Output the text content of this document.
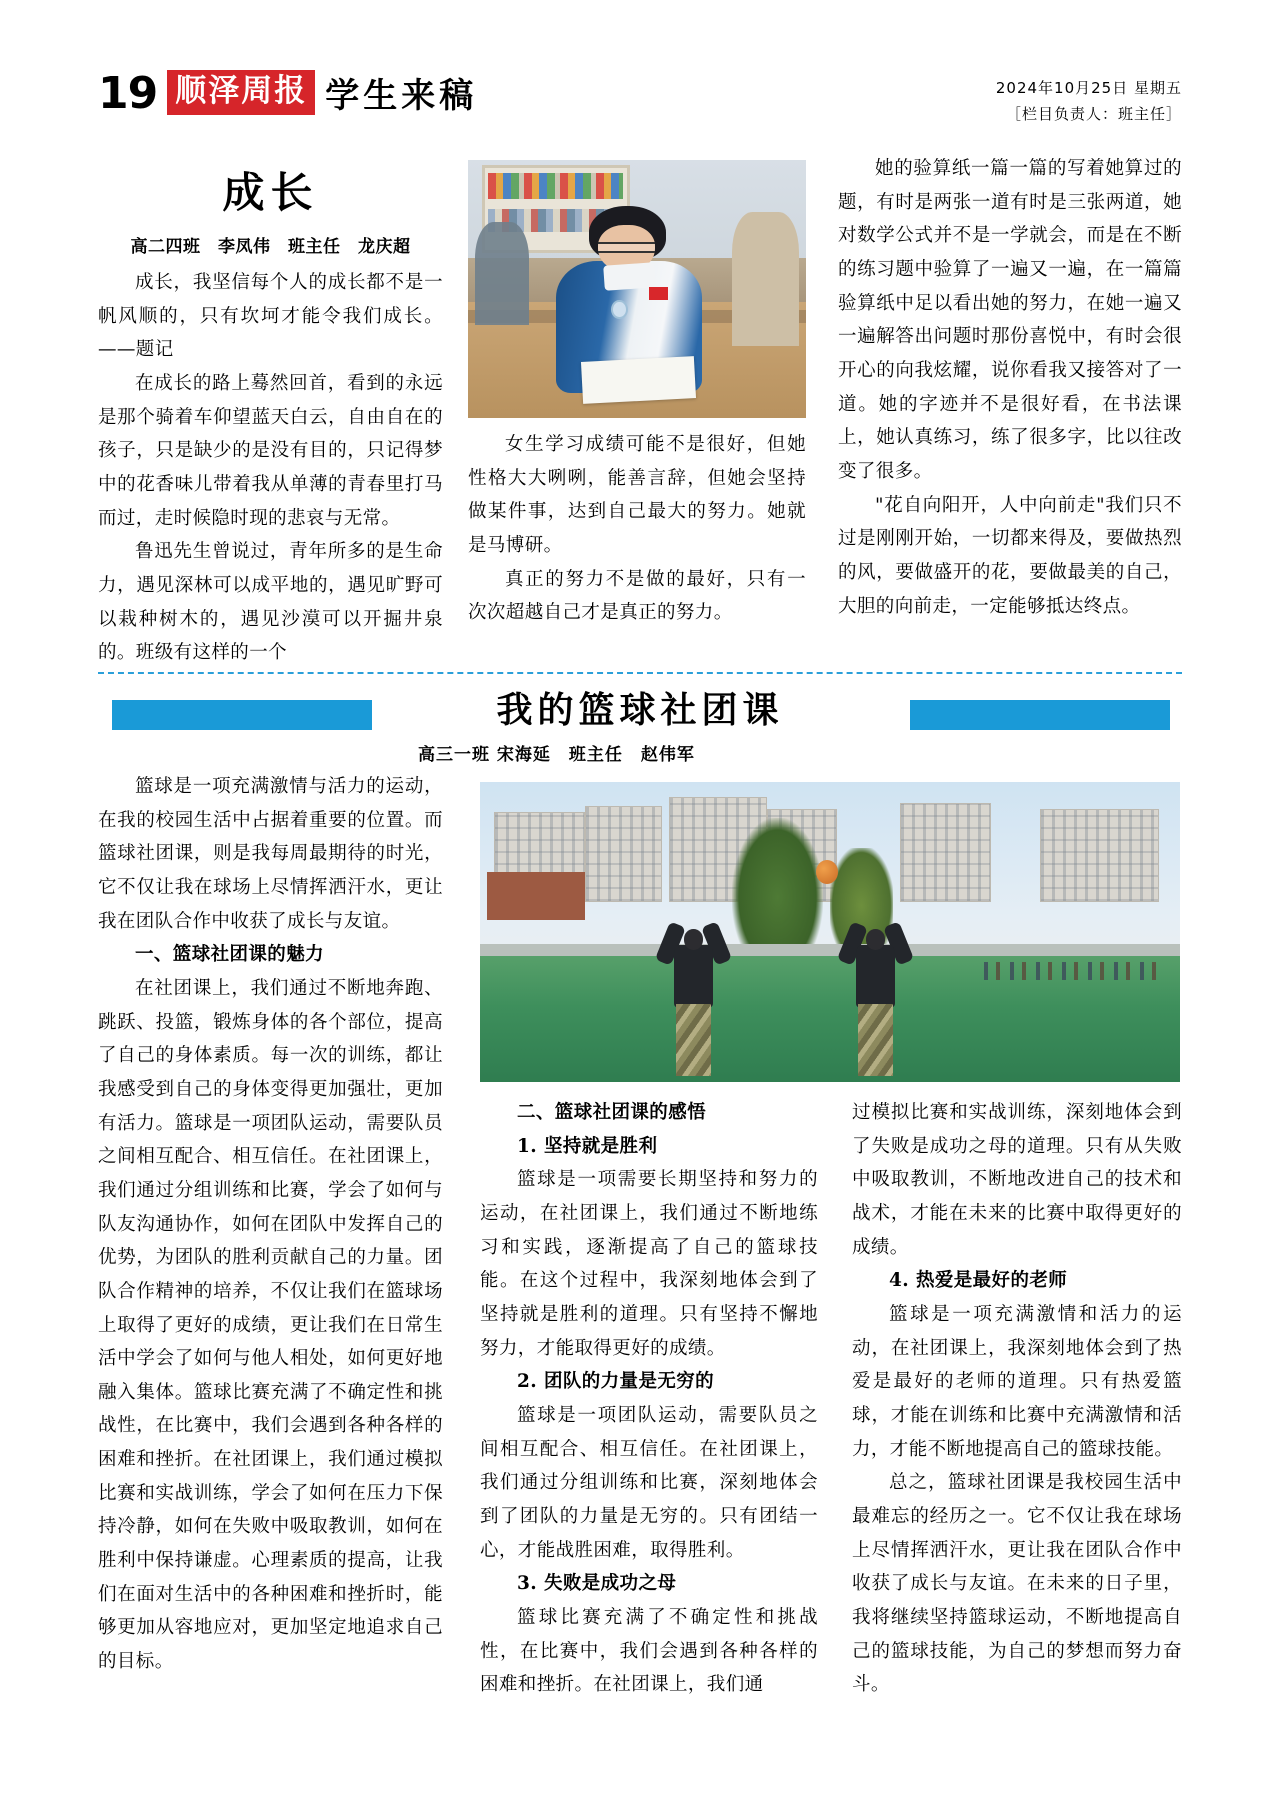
19 顺泽周报 学生来稿	2024年10月25日 星期五
［栏目负责人：班主任］
成长
高二四班　李凤伟　班主任　龙庆超

成长，我坚信每个人的成长都不是一帆风顺的，只有坎坷才能令我们成长。——题记

在成长的路上蓦然回首，看到的永远是那个骑着车仰望蓝天白云，自由自在的孩子，只是缺少的是没有目的，只记得梦中的花香味儿带着我从单薄的青春里打马而过，走时候隐时现的悲哀与无常。

鲁迅先生曾说过，青年所多的是生命力，遇见深林可以成平地的，遇见旷野可以栽种树木的，遇见沙漠可以开掘井泉的。班级有这样的一个

女生学习成绩可能不是很好，但她性格大大咧咧，能善言辞，但她会坚持做某件事，达到自己最大的努力。她就是马博研。

真正的努力不是做的最好，只有一次次超越自己才是真正的努力。

她的验算纸一篇一篇的写着她算过的题，有时是两张一道有时是三张两道，她对数学公式并不是一学就会，而是在不断的练习题中验算了一遍又一遍，在一篇篇验算纸中足以看出她的努力，在她一遍又一遍解答出问题时那份喜悦中，有时会很开心的向我炫耀，说你看我又接答对了一道。她的字迹并不是很好看，在书法课上，她认真练习，练了很多字，比以往改变了很多。

"花自向阳开，人中向前走"我们只不过是刚刚开始，一切都来得及，要做热烈的风，要做盛开的花，要做最美的自己，大胆的向前走，一定能够抵达终点。

我的篮球社团课
高三一班 宋海延　班主任　赵伟军

篮球是一项充满激情与活力的运动，在我的校园生活中占据着重要的位置。而篮球社团课，则是我每周最期待的时光，它不仅让我在球场上尽情挥洒汗水，更让我在团队合作中收获了成长与友谊。

一、篮球社团课的魅力

在社团课上，我们通过不断地奔跑、跳跃、投篮，锻炼身体的各个部位，提高了自己的身体素质。每一次的训练，都让我感受到自己的身体变得更加强壮，更加有活力。篮球是一项团队运动，需要队员之间相互配合、相互信任。在社团课上，我们通过分组训练和比赛，学会了如何与队友沟通协作，如何在团队中发挥自己的优势，为团队的胜利贡献自己的力量。团队合作精神的培养，不仅让我们在篮球场上取得了更好的成绩，更让我们在日常生活中学会了如何与他人相处，如何更好地融入集体。篮球比赛充满了不确定性和挑战性，在比赛中，我们会遇到各种各样的困难和挫折。在社团课上，我们通过模拟比赛和实战训练，学会了如何在压力下保持冷静，如何在失败中吸取教训，如何在胜利中保持谦虚。心理素质的提高，让我们在面对生活中的各种困难和挫折时，能够更加从容地应对，更加坚定地追求自己的目标。

二、篮球社团课的感悟

1. 坚持就是胜利

篮球是一项需要长期坚持和努力的运动，在社团课上，我们通过不断地练习和实践，逐渐提高了自己的篮球技能。在这个过程中，我深刻地体会到了坚持就是胜利的道理。只有坚持不懈地努力，才能取得更好的成绩。

2. 团队的力量是无穷的

篮球是一项团队运动，需要队员之间相互配合、相互信任。在社团课上，我们通过分组训练和比赛，深刻地体会到了团队的力量是无穷的。只有团结一心，才能战胜困难，取得胜利。

3. 失败是成功之母

篮球比赛充满了不确定性和挑战性，在比赛中，我们会遇到各种各样的困难和挫折。在社团课上，我们通

过模拟比赛和实战训练，深刻地体会到了失败是成功之母的道理。只有从失败中吸取教训，不断地改进自己的技术和战术，才能在未来的比赛中取得更好的成绩。

4. 热爱是最好的老师

篮球是一项充满激情和活力的运动，在社团课上，我深刻地体会到了热爱是最好的老师的道理。只有热爱篮球，才能在训练和比赛中充满激情和活力，才能不断地提高自己的篮球技能。

总之，篮球社团课是我校园生活中最难忘的经历之一。它不仅让我在球场上尽情挥洒汗水，更让我在团队合作中收获了成长与友谊。在未来的日子里，我将继续坚持篮球运动，不断地提高自己的篮球技能，为自己的梦想而努力奋斗。
